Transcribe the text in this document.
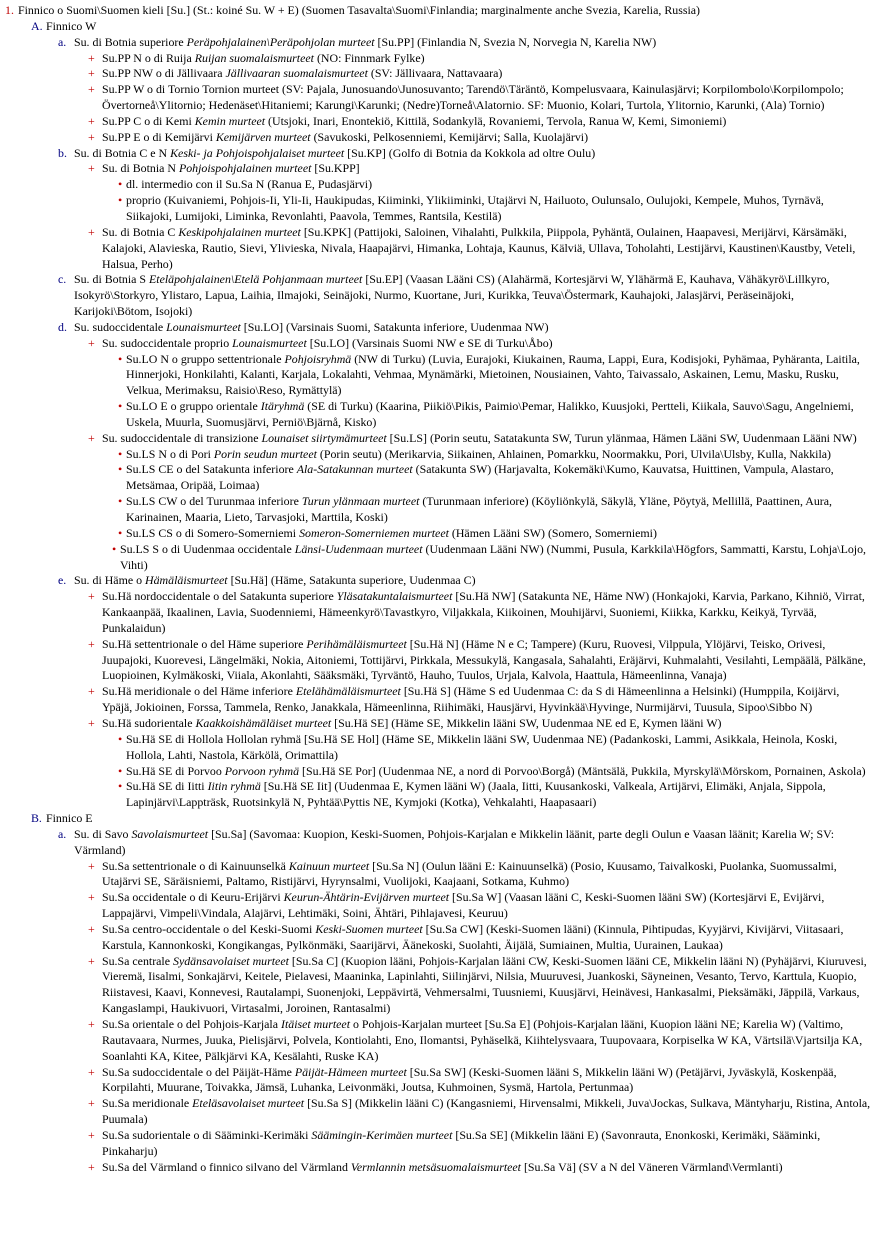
1. Finnico o Suomi\Suomen kieli [Su.] (St.: koiné Su. W + E) (Suomen Tasavalta\Suomi\Finlandia; marginalmente anche Svezia, Karelia, Russia)
A. Finnico W
a. Su. di Botnia superiore Peräpohjalainen\Peräpohjolan murteet [Su.PP] (Finlandia N, Svezia N, Norvegia N, Karelia NW)
+ Su.PP N o di Ruija Ruijan suomalaismurteet (NO: Finnmark Fylke)
+ Su.PP NW o di Jällivaara Jällivaaran suomalaismurteet (SV: Jällivaara, Nattavaara)
+ Su.PP W o di Tornio Tornion murteet (SV: Pajala, Junosuando\Junosuvanto; Tarendö\Täräntö, Kompelusvaara, Kainulasjärvi; Korpilombolo\Korpilompolo; Övertorneå\Ylitornio; Hedenäset\Hitaniemi; Karungi\Karunki; (Nedre)Torneå\Alatornio. SF: Muonio, Kolari, Turtola, Ylitornio, Karunki, (Ala) Tornio)
+ Su.PP C o di Kemi Kemin murteet (Utsjoki, Inari, Enontekiö, Kittilä, Sodankylä, Rovaniemi, Tervola, Ranua W, Kemi, Simoniemi)
+ Su.PP E o di Kemijärvi Kemijärven murteet (Savukoski, Pelkosenniemi, Kemijärvi; Salla, Kuolajärvi)
b. Su. di Botnia C e N Keski- ja Pohjoispohjalaiset murteet [Su.KP] (Golfo di Botnia da Kokkola ad oltre Oulu)
+ Su. di Botnia N Pohjoispohjalainen murteet [Su.KPP]
• dl. intermedio con il Su.Sa N (Ranua E, Pudasjärvi)
• proprio (Kuivaniemi, Pohjois-Ii, Yli-Ii, Haukipudas, Kiiminki, Ylikiiminki, Utajärvi N, Hailuoto, Oulunsalo, Oulujoki, Kempele, Muhos, Tyrnävä, Siikajoki, Lumijoki, Liminka, Revonlahti, Paavola, Temmes, Rantsila, Kestilä)
+ Su. di Botnia C Keskipohjalainen murteet [Su.KPK] (Pattijoki, Saloinen, Vihalahti, Pulkkila, Piippola, Pyhäntä, Oulainen, Haapavesi, Merijärvi, Kärsämäki, Kalajoki, Alavieska, Rautio, Sievi, Ylivieska, Nivala, Haapajärvi, Himanka, Lohtaja, Kaunus, Kälviä, Ullava, Toholahti, Lestijärvi, Kaustinen\Kaustby, Veteli, Halsua, Perho)
c. Su. di Botnia S Eteläpohjalainen\Etelä Pohjanmaan murteet [Su.EP] (Vaasan Lääni CS) (Alahärmä, Kortesjärvi W, Ylähärmä E, Kauhava, Vähäkyrö\Lillkyro, Isokyrö\Storkyro, Ylistaro, Lapua, Laihia, Ilmajoki, Seinäjoki, Nurmo, Kuortane, Juri, Kurikka, Teuva\Östermark, Kauhajoki, Jalasjärvi, Peräseinäjoki, Karijoki\Bötom, Isojoki)
d. Su. sudoccidentale Lounaismurteet [Su.LO] (Varsinais Suomi, Satakunta inferiore, Uudenmaa NW)
+ Su. sudoccidentale proprio Lounaismurteet [Su.LO] (Varsinais Suomi NW e SE di Turku\Åbo)
• Su.LO N o gruppo settentrionale Pohjoisryhmä (NW di Turku) (Luvia, Eurajoki, Kiukainen, Rauma, Lappi, Eura, Kodisjoki, Pyhämaa, Pyhäranta, Laitila, Hinnerjoki, Honkilahti, Kalanti, Karjala, Lokalahti, Vehmaa, Mynämärki, Mietoinen, Nousiainen, Vahto, Taivassalo, Askainen, Lemu, Masku, Rusku, Velkua, Merimaksu, Raisio\Reso, Rymättylä)
• Su.LO E o gruppo orientale Itäryhmä (SE di Turku) (Kaarina, Piikiö\Pikis, Paimio\Pemar, Halikko, Kuusjoki, Pertteli, Kiikala, Sauvo\Sagu, Angelniemi, Uskela, Muurla, Suomusjärvi, Perniö\Bjärnå, Kisko)
+ Su. sudoccidentale di transizione Lounaiset siirtymämurteet [Su.LS] (Porin seutu, Satatakunta SW, Turun ylänmaa, Hämen Lääni SW, Uudenmaan Lääni NW)
• Su.LS N o di Pori Porin seudun murteet (Porin seutu) (Merikarvia, Siikainen, Ahlainen, Pomarkku, Noormakku, Pori, Ulvila\Ulsby, Kulla, Nakkila)
• Su.LS CE o del Satakunta inferiore Ala-Satakunnan murteet (Satakunta SW) (Harjavalta, Kokemäki\Kumo, Kauvatsa, Huittinen, Vampula, Alastaro, Metsämaa, Oripää, Loimaa)
• Su.LS CW o del Turunmaa inferiore Turun ylänmaan murteet (Turunmaan inferiore) (Köyliönkylä, Säkylä, Yläne, Pöytyä, Mellillä, Paattinen, Aura, Karinainen, Maaria, Lieto, Tarvasjoki, Marttila, Koski)
• Su.LS CS o di Somero-Somerniemi Someron-Somerniemen murteet (Hämen Lääni SW) (Somero, Somerniemi)
• Su.LS S o di Uudenmaa occidentale Länsi-Uudenmaan murteet (Uudenmaan Lääni NW) (Nummi, Pusula, Karkkila\Högfors, Sammatti, Karstu, Lohja\Lojo, Vihti)
e. Su. di Häme o Hämäläismurteet [Su.Hä] (Häme, Satakunta superiore, Uudenmaa C)
+ Su.Hä nordoccidentale o del Satakunta superiore Yläsatakuntalaismurteet [Su.Hä NW] (Satakunta NE, Häme NW) (Honkajoki, Karvia, Parkano, Kihniö, Virrat, Kankaanpää, Ikaalinen, Lavia, Suodenniemi, Hämeenkyrö\Tavastkyro, Viljakkala, Kiikoinen, Mouhijärvi, Suoniemi, Kiikka, Karkku, Keikyä, Tyrvää, Punkalaidun)
+ Su.Hä settentrionale o del Häme superiore Perihämäläismurteet [Su.Hä N] (Häme N e C; Tampere) (Kuru, Ruovesi, Vilppula, Ylöjärvi, Teisko, Orivesi, Juupajoki, Kuorevesi, Längelmäki, Nokia, Aitoniemi, Tottijärvi, Pirkkala, Messukylä, Kangasala, Sahalahti, Eräjärvi, Kuhmalahti, Vesilahti, Lempäälä, Pälkäne, Luopioinen, Kylmäkoski, Viiala, Akonlahti, Sääksmäki, Tyrväntö, Hauho, Tuulos, Urjala, Kalvola, Haattula, Hämeenlinna, Vanaja)
+ Su.Hä meridionale o del Häme inferiore Etelähämäläismurteet [Su.Hä S] (Häme S ed Uudenmaa C: da S di Hämeenlinna a Helsinki) (Humppila, Koijärvi, Ypäjä, Jokioinen, Forssa, Tammela, Renko, Janakkala, Hämeenlinna, Riihimäki, Hausjärvi, Hyvinkää\Hyvinge, Nurmijärvi, Tuusula, Sipoo\Sibbo N)
+ Su.Hä sudorientale Kaakkoishämäläiset murteet [Su.Hä SE] (Häme SE, Mikkelin lääni SW, Uudenmaa NE ed E, Kymen lääni W)
• Su.Hä SE di Hollola Hollolan ryhmä [Su.Hä SE Hol] (Häme SE, Mikkelin lääni SW, Uudenmaa NE) (Padankoski, Lammi, Asikkala, Heinola, Koski, Hollola, Lahti, Nastola, Kärkölä, Orimattila)
• Su.Hä SE di Porvoo Porvoon ryhmä [Su.Hä SE Por] (Uudenmaa NE, a nord di Porvoo\Borgå) (Mäntsälä, Pukkila, Myrskylä\Mörskom, Pornainen, Askola)
• Su.Hä SE di Iitti Iitin ryhmä [Su.Hä SE Iit] (Uudenmaa E, Kymen lääni W) (Jaala, Iitti, Kuusankoski, Valkeala, Artijärvi, Elimäki, Anjala, Sippola, Lapinjärvi\Lappträsk, Ruotsinkylä N, Pyhtää\Pyttis NE, Kymjoki (Kotka), Vehkalahti, Haapasaari)
B. Finnico E
a. Su. di Savo Savolaismurteet [Su.Sa] (Savomaa: Kuopion, Keski-Suomen, Pohjois-Karjalan e Mikkelin läänit, parte degli Oulun e Vaasan läänit; Karelia W; SV: Värmland)
+ Su.Sa settentrionale o di Kainuunselkä Kainuun murteet [Su.Sa N] (Oulun lääni E: Kainuunselkä) (Posio, Kuusamo, Taivalkoski, Puolanka, Suomussalmi, Utajärvi SE, Säräisniemi, Paltamo, Ristijärvi, Hyrynsalmi, Vuolijoki, Kaajaani, Sotkama, Kuhmo)
+ Su.Sa occidentale o di Keuru-Erijärvi Keurun-Ähtärin-Evijärven murteet [Su.Sa W] (Vaasan lääni C, Keski-Suomen lääni SW) (Kortesjärvi E, Evijärvi, Lappajärvi, Vimpeli\Vindala, Alajärvi, Lehtimäki, Soini, Ähtäri, Pihlajavesi, Keuruu)
+ Su.Sa centro-occidentale o del Keski-Suomi Keski-Suomen murteet [Su.Sa CW] (Keski-Suomen lääni) (Kinnula, Pihtipudas, Kyyjärvi, Kivijärvi, Viitasaari, Karstula, Kannonkoski, Kongikangas, Pylkönmäki, Saarijärvi, Äänekoski, Suolahti, Äijälä, Sumiainen, Multia, Uurainen, Laukaa)
+ Su.Sa centrale Sydänsavolaiset murteet [Su.Sa C] (Kuopion lääni, Pohjois-Karjalan lääni CW, Keski-Suomen lääni CE, Mikkelin lääni N) (Pyhäjärvi, Kiuruvesi, Vieremä, Iisalmi, Sonkajärvi, Keitele, Pielavesi, Maaninka, Lapinlahti, Siilinjärvi, Nilsia, Muuruvesi, Juankoski, Säyneinen, Vesanto, Tervo, Karttula, Kuopio, Riistavesi, Kaavi, Konnevesi, Rautalampi, Suonenjoki, Leppävirtä, Vehmersalmi, Tuusniemi, Kuusjärvi, Heinävesi, Hankasalmi, Pieksämäki, Jäppilä, Varkaus, Kangaslampi, Haukivuori, Virtasalmi, Joroinen, Rantasalmi)
+ Su.Sa orientale o del Pohjois-Karjala Itäiset murteet o Pohjois-Karjalan murteet [Su.Sa E] (Pohjois-Karjalan lääni, Kuopion lääni NE; Karelia W) (Valtimo, Rautavaara, Nurmes, Juuka, Pielisjärvi, Polvela, Kontiolahti, Eno, Ilomantsi, Pyhäselkä, Kiihtelysvaara, Tuupovaara, Korpiselka W KA, Värtsilä\Vjartsilja KA, Soanlahti KA, Kitee, Pälkjärvi KA, Kesälahti, Ruske KA)
+ Su.Sa sudoccidentale o del Päijät-Häme Päijät-Hämeen murteet [Su.Sa SW] (Keski-Suomen lääni S, Mikkelin lääni W) (Petäjärvi, Jyväskylä, Koskenpää, Korpilahti, Muurane, Toivakka, Jämsä, Luhanka, Leivonmäki, Joutsa, Kuhmoinen, Sysmä, Hartola, Pertunmaa)
+ Su.Sa meridionale Eteläsavolaiset murteet [Su.Sa S] (Mikkelin lääni C) (Kangasniemi, Hirvensalmi, Mikkeli, Juva\Jockas, Sulkava, Mäntyharju, Ristina, Antola, Puumala)
+ Su.Sa sudorientale o di Sääminki-Kerimäki Säämingin-Kerimäen murteet [Su.Sa SE] (Mikkelin lääni E) (Savonrauta, Enonkoski, Kerimäki, Sääminki, Pinkaharju)
+ Su.Sa del Värmland o finnico silvano del Värmland Vermlannin metsäsuomalaismurteet [Su.Sa Vä] (SV a N del Väneren Värmland\Vermlanti)
